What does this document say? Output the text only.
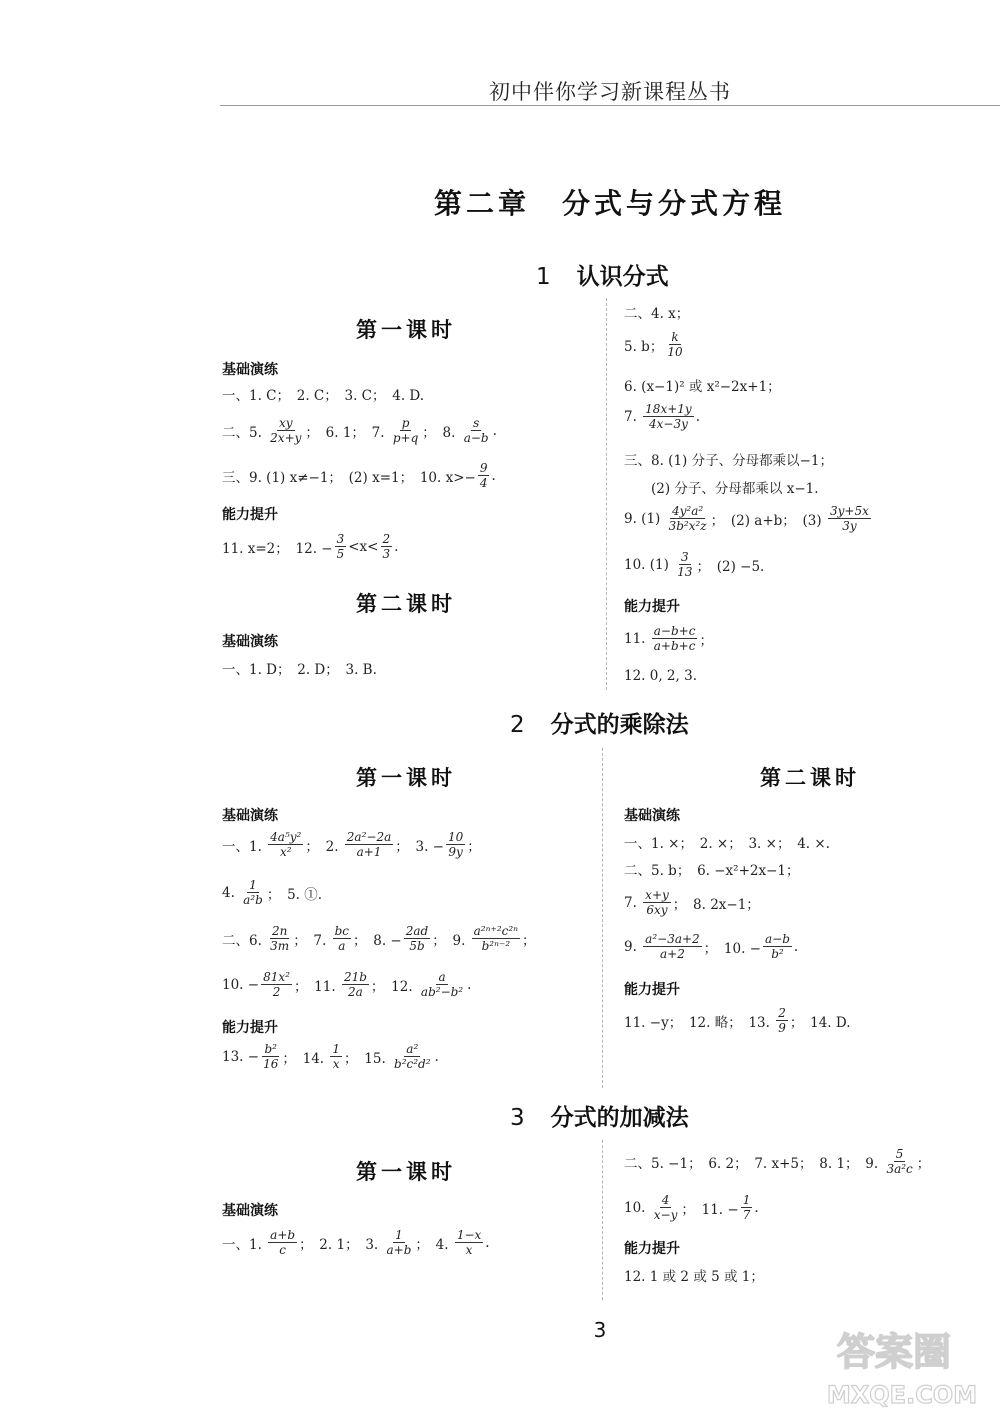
初中伴你学习新课程丛书
第二章　分式与分式方程
1 认识分式
第一课时
基础演练
一、1. C；　2. C；　3. C；　4. D.
二、5. $\frac{xy}{2x+y}$ ；　6. 1；　7. $\frac{p}{p+q}$ ；　8. $\frac{s}{a-b}$ .
三、9. (1) x≠−1；　(2) x=1；　10. $x>- \frac{9}{4}$ .
能力提升
11. x=2；　12. − $\frac{3}{5} <x< \frac{2}{3}$ .
第二课时
基础演练
一、1. D；　2. D；　3. B.
二、4. x；
5. b； $\frac{k}{10}$
6. (x−1)² 或 x²−2x+1；
7. $\frac{18x+1y}{4x-3y}$ .
三、8. (1) 分子、分母都乘以−1；
　　(2) 分子、分母都乘以 x−1.
9. $(1) \frac{\text{4y²a²}}{\text{3b²x²z}}$ ；　(2) a+b；　$(3) \frac{3y+5x}{3y}$
10. $(1) \frac{3}{13}$ ；　(2) −5.
能力提升
11. $\frac{a-b+c}{a+b+c}$ ；
12. 0, 2, 3.
2 分式的乘除法
第一课时
基础演练
一、1. $\frac{\text{4a⁵y²}}{\text{x²}}$ ；　2. $\frac{\text{2a²−2a}}{a+1}$ ；　3. − $\frac{10}{9y}$ ；
4. $\frac{1}{\text{a²b}}$ ；　5. ①.
二、6. $\frac{2n}{3m}$ ；　7. $\frac{bc}{a}$ ；　8. − $\frac{2ad}{5b}$ ；　9. $\frac{\text{a²ⁿ⁺²c²ⁿ}}{\text{b²ⁿ⁻²}}$ ；
10. − $\frac{\text{81x²}}{2}$ ；　11. $\frac{21b}{2a}$ ；　12. $\frac{a}{\text{ab²−b²}}$ .
能力提升
13. − $\frac{\text{b²}}{16}$ ；　14. $\frac{1}{x}$ ；　15. $\frac{\text{a²}}{\text{b²c²d²}}$ .
第二课时
基础演练
一、1. ×；　2. ×；　3. ×；　4. ×.
二、5. b；　6. −x²+2x−1；
7. $\frac{x+y}{6xy}$ ；　8. 2x−1；
9. $\frac{\text{a²−3a+2}}{a+2}$ ；　10. − $\frac{a-b}{\text{b²}}$ .
能力提升
11. −y；　12. 略；　13. $\frac{2}{9}$ ；　14. D.
3 分式的加减法
第一课时
基础演练
一、1. $\frac{a+b}{c}$ ；　2. 1；　3. $\frac{1}{a+b}$ ；　4. $\frac{1-x}{x}$ .
二、5. −1；　6. 2；　7. x+5；　8. 1；　9. $\frac{5}{\text{3a²c}}$ ；
10. $\frac{4}{x-y}$ ；　11. − $\frac{1}{7}$ .
能力提升
12. 1 或 2 或 5 或 1；
3	答案圈
MXQE.COM
